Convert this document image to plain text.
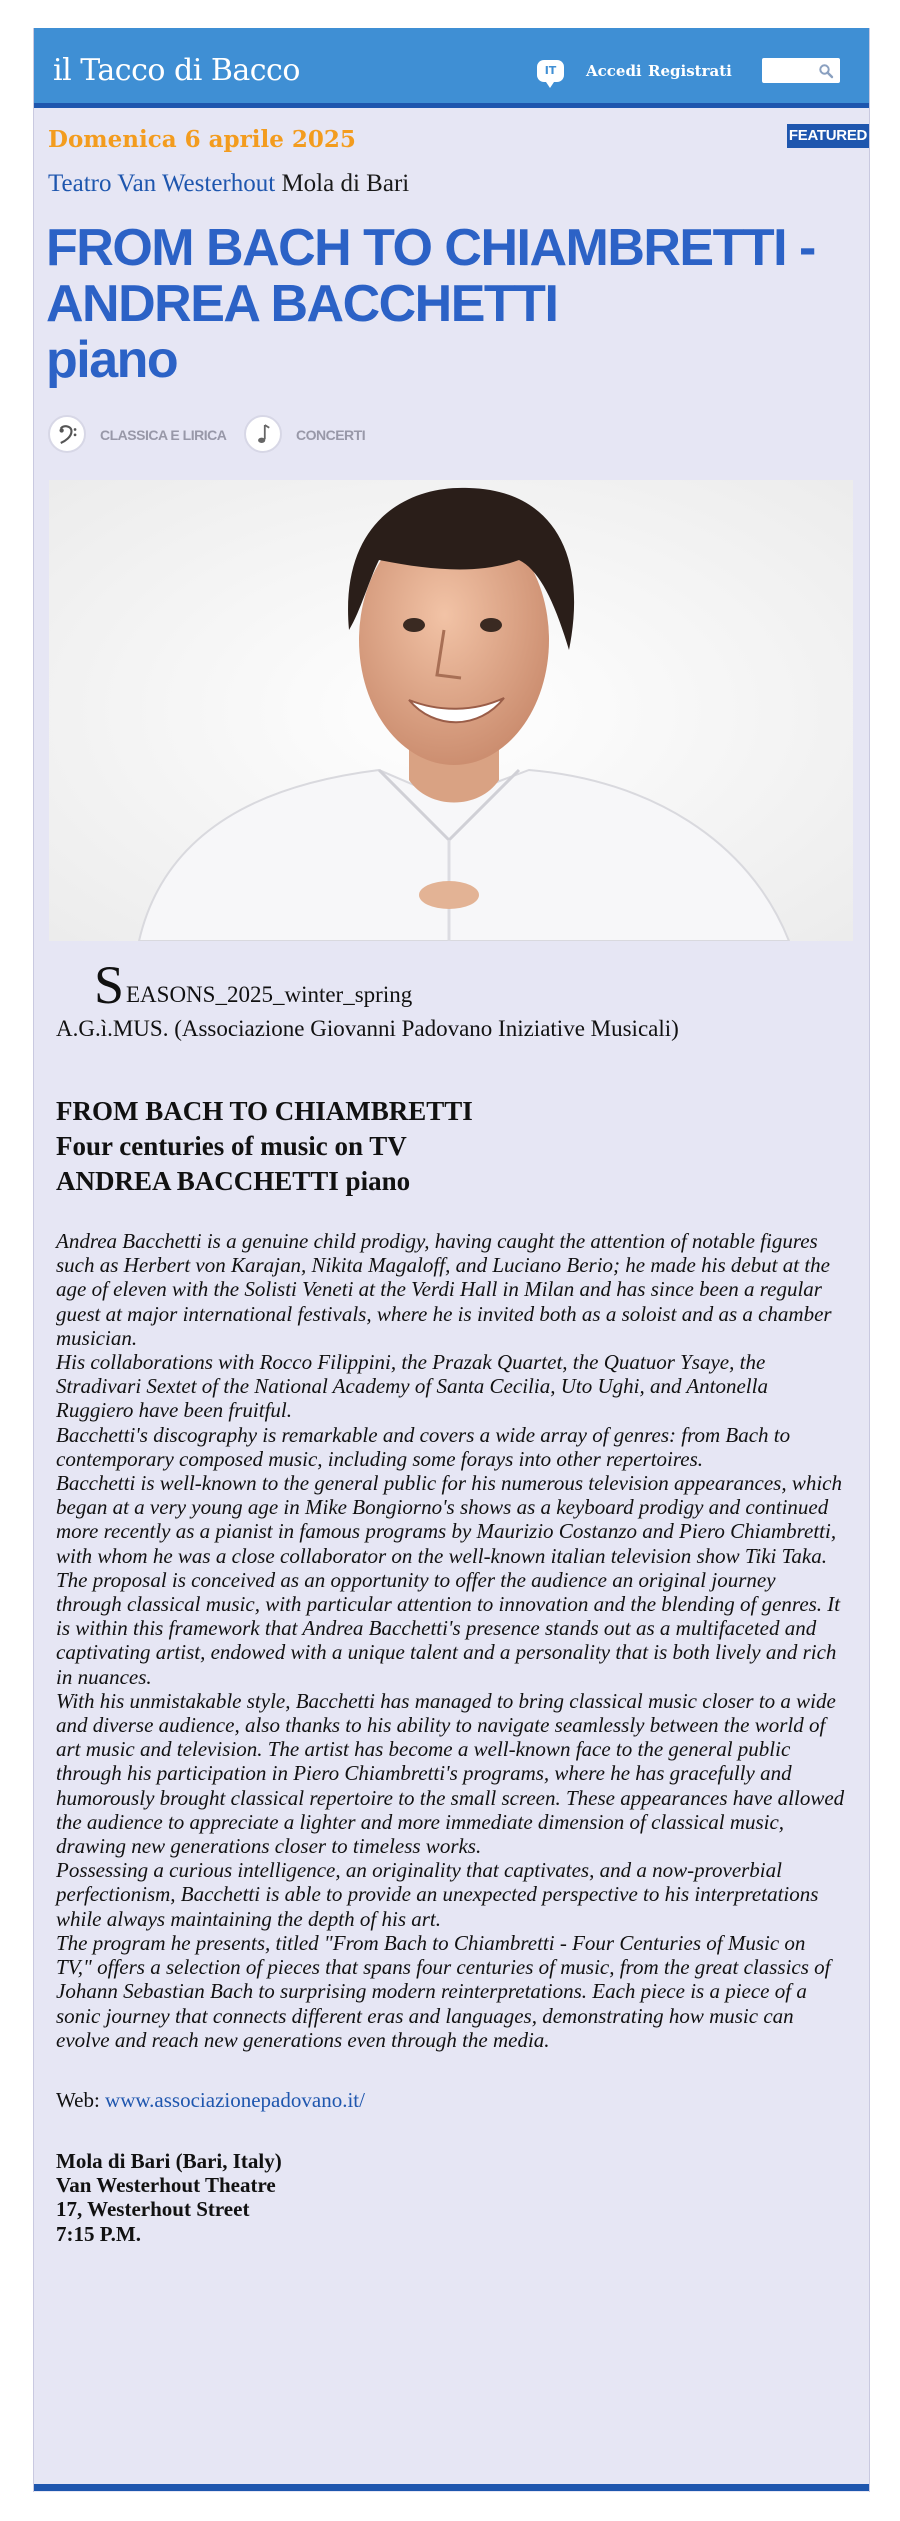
il Tacco di Bacco	IT	Accedi Registrati
FEATURED
Domenica 6 aprile 2025
Teatro Van Westerhout Mola di Bari
FROM BACH TO CHIAMBRETTI -
ANDREA BACCHETTI
piano
CLASSICA E LIRICA	CONCERTI
S EASONS_2025_winter_spring
A.G.ì.MUS. (Associazione Giovanni Padovano Iniziative Musicali)
FROM BACH TO CHIAMBRETTI
Four centuries of music on TV
ANDREA BACCHETTI piano

Andrea Bacchetti is a genuine child prodigy, having caught the attention of notable figures such as Herbert von Karajan, Nikita Magaloff, and Luciano Berio; he made his debut at the age of eleven with the Solisti Veneti at the Verdi Hall in Milan and has since been a regular guest at major international festivals, where he is invited both as a soloist and as a chamber musician.

His collaborations with Rocco Filippini, the Prazak Quartet, the Quatuor Ysaye, the Stradivari Sextet of the National Academy of Santa Cecilia, Uto Ughi, and Antonella Ruggiero have been fruitful.

Bacchetti's discography is remarkable and covers a wide array of genres: from Bach to contemporary composed music, including some forays into other repertoires.

Bacchetti is well-known to the general public for his numerous television appearances, which began at a very young age in Mike Bongiorno's shows as a keyboard prodigy and continued more recently as a pianist in famous programs by Maurizio Costanzo and Piero Chiambretti, with whom he was a close collaborator on the well-known italian television show Tiki Taka.

The proposal is conceived as an opportunity to offer the audience an original journey through classical music, with particular attention to innovation and the blending of genres. It is within this framework that Andrea Bacchetti's presence stands out as a multifaceted and captivating artist, endowed with a unique talent and a personality that is both lively and rich in nuances.

With his unmistakable style, Bacchetti has managed to bring classical music closer to a wide and diverse audience, also thanks to his ability to navigate seamlessly between the world of art music and television. The artist has become a well-known face to the general public through his participation in Piero Chiambretti's programs, where he has gracefully and humorously brought classical repertoire to the small screen. These appearances have allowed the audience to appreciate a lighter and more immediate dimension of classical music, drawing new generations closer to timeless works.

Possessing a curious intelligence, an originality that captivates, and a now-proverbial perfectionism, Bacchetti is able to provide an unexpected perspective to his interpretations while always maintaining the depth of his art.

The program he presents, titled "From Bach to Chiambretti - Four Centuries of Music on TV," offers a selection of pieces that spans four centuries of music, from the great classics of Johann Sebastian Bach to surprising modern reinterpretations. Each piece is a piece of a sonic journey that connects different eras and languages, demonstrating how music can evolve and reach new generations even through the media.

Web: www.associazionepadovano.it/
Mola di Bari (Bari, Italy)
Van Westerhout Theatre
17, Westerhout Street
7:15 P.M.
